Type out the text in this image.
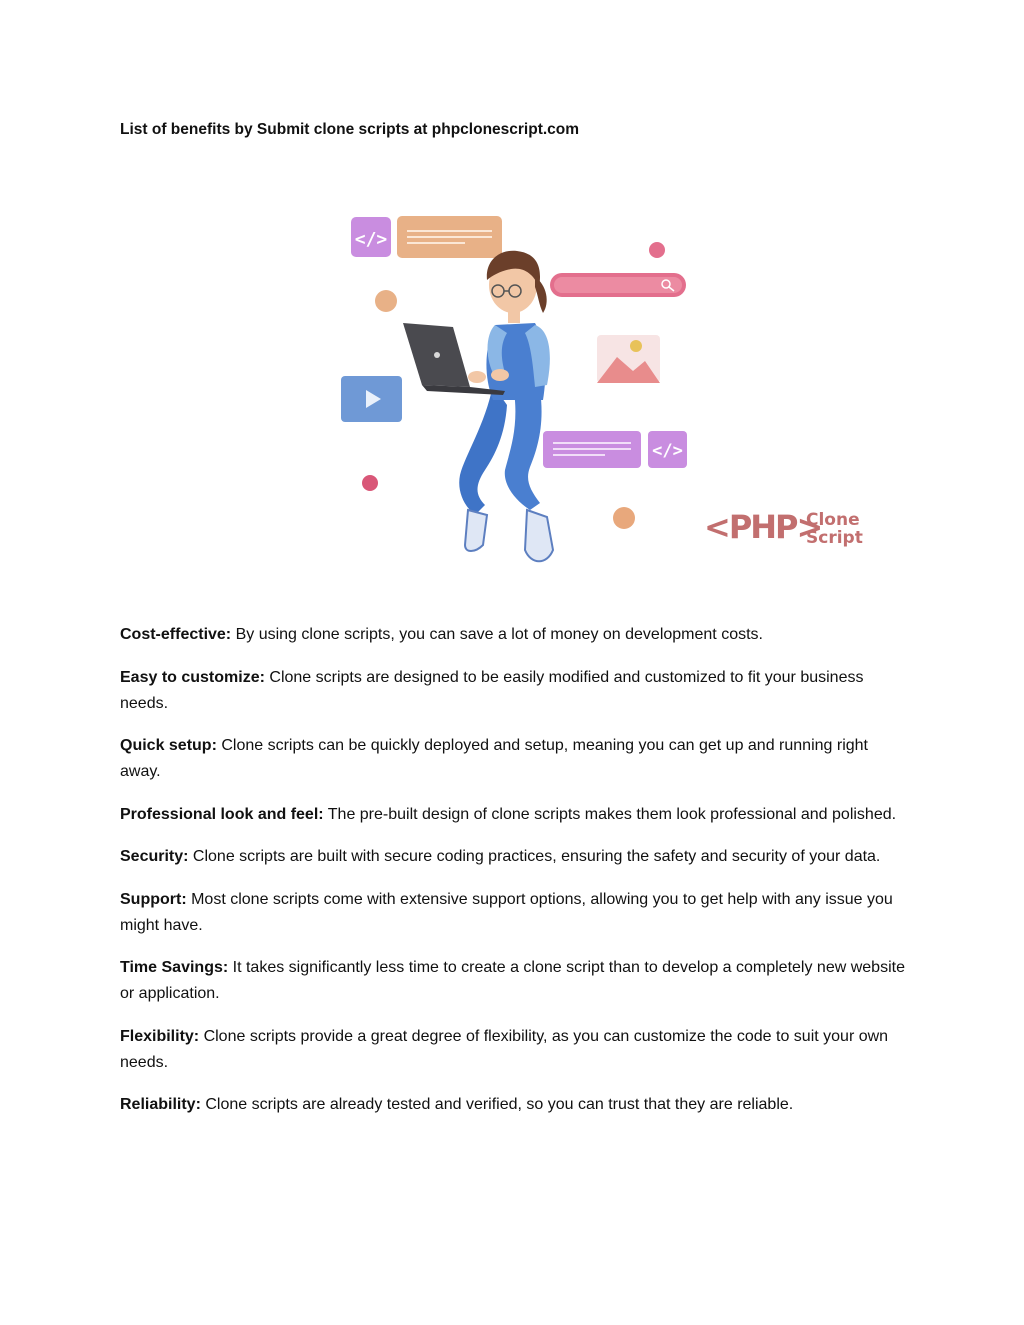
List of benefits by Submit clone scripts at phpclonescript.com
</>
</>
<PHP>
Clone
Script
Cost-effective: By using clone scripts, you can save a lot of money on development costs.
Easy to customize: Clone scripts are designed to be easily modified and customized to fit your business needs.
Quick setup: Clone scripts can be quickly deployed and setup, meaning you can get up and running right away.
Professional look and feel: The pre-built design of clone scripts makes them look professional and polished.
Security: Clone scripts are built with secure coding practices, ensuring the safety and security of your data.
Support: Most clone scripts come with extensive support options, allowing you to get help with any issue you might have.
Time Savings: It takes significantly less time to create a clone script than to develop a completely new website or application.
Flexibility: Clone scripts provide a great degree of flexibility, as you can customize the code to suit your own needs.
Reliability: Clone scripts are already tested and verified, so you can trust that they are reliable.
